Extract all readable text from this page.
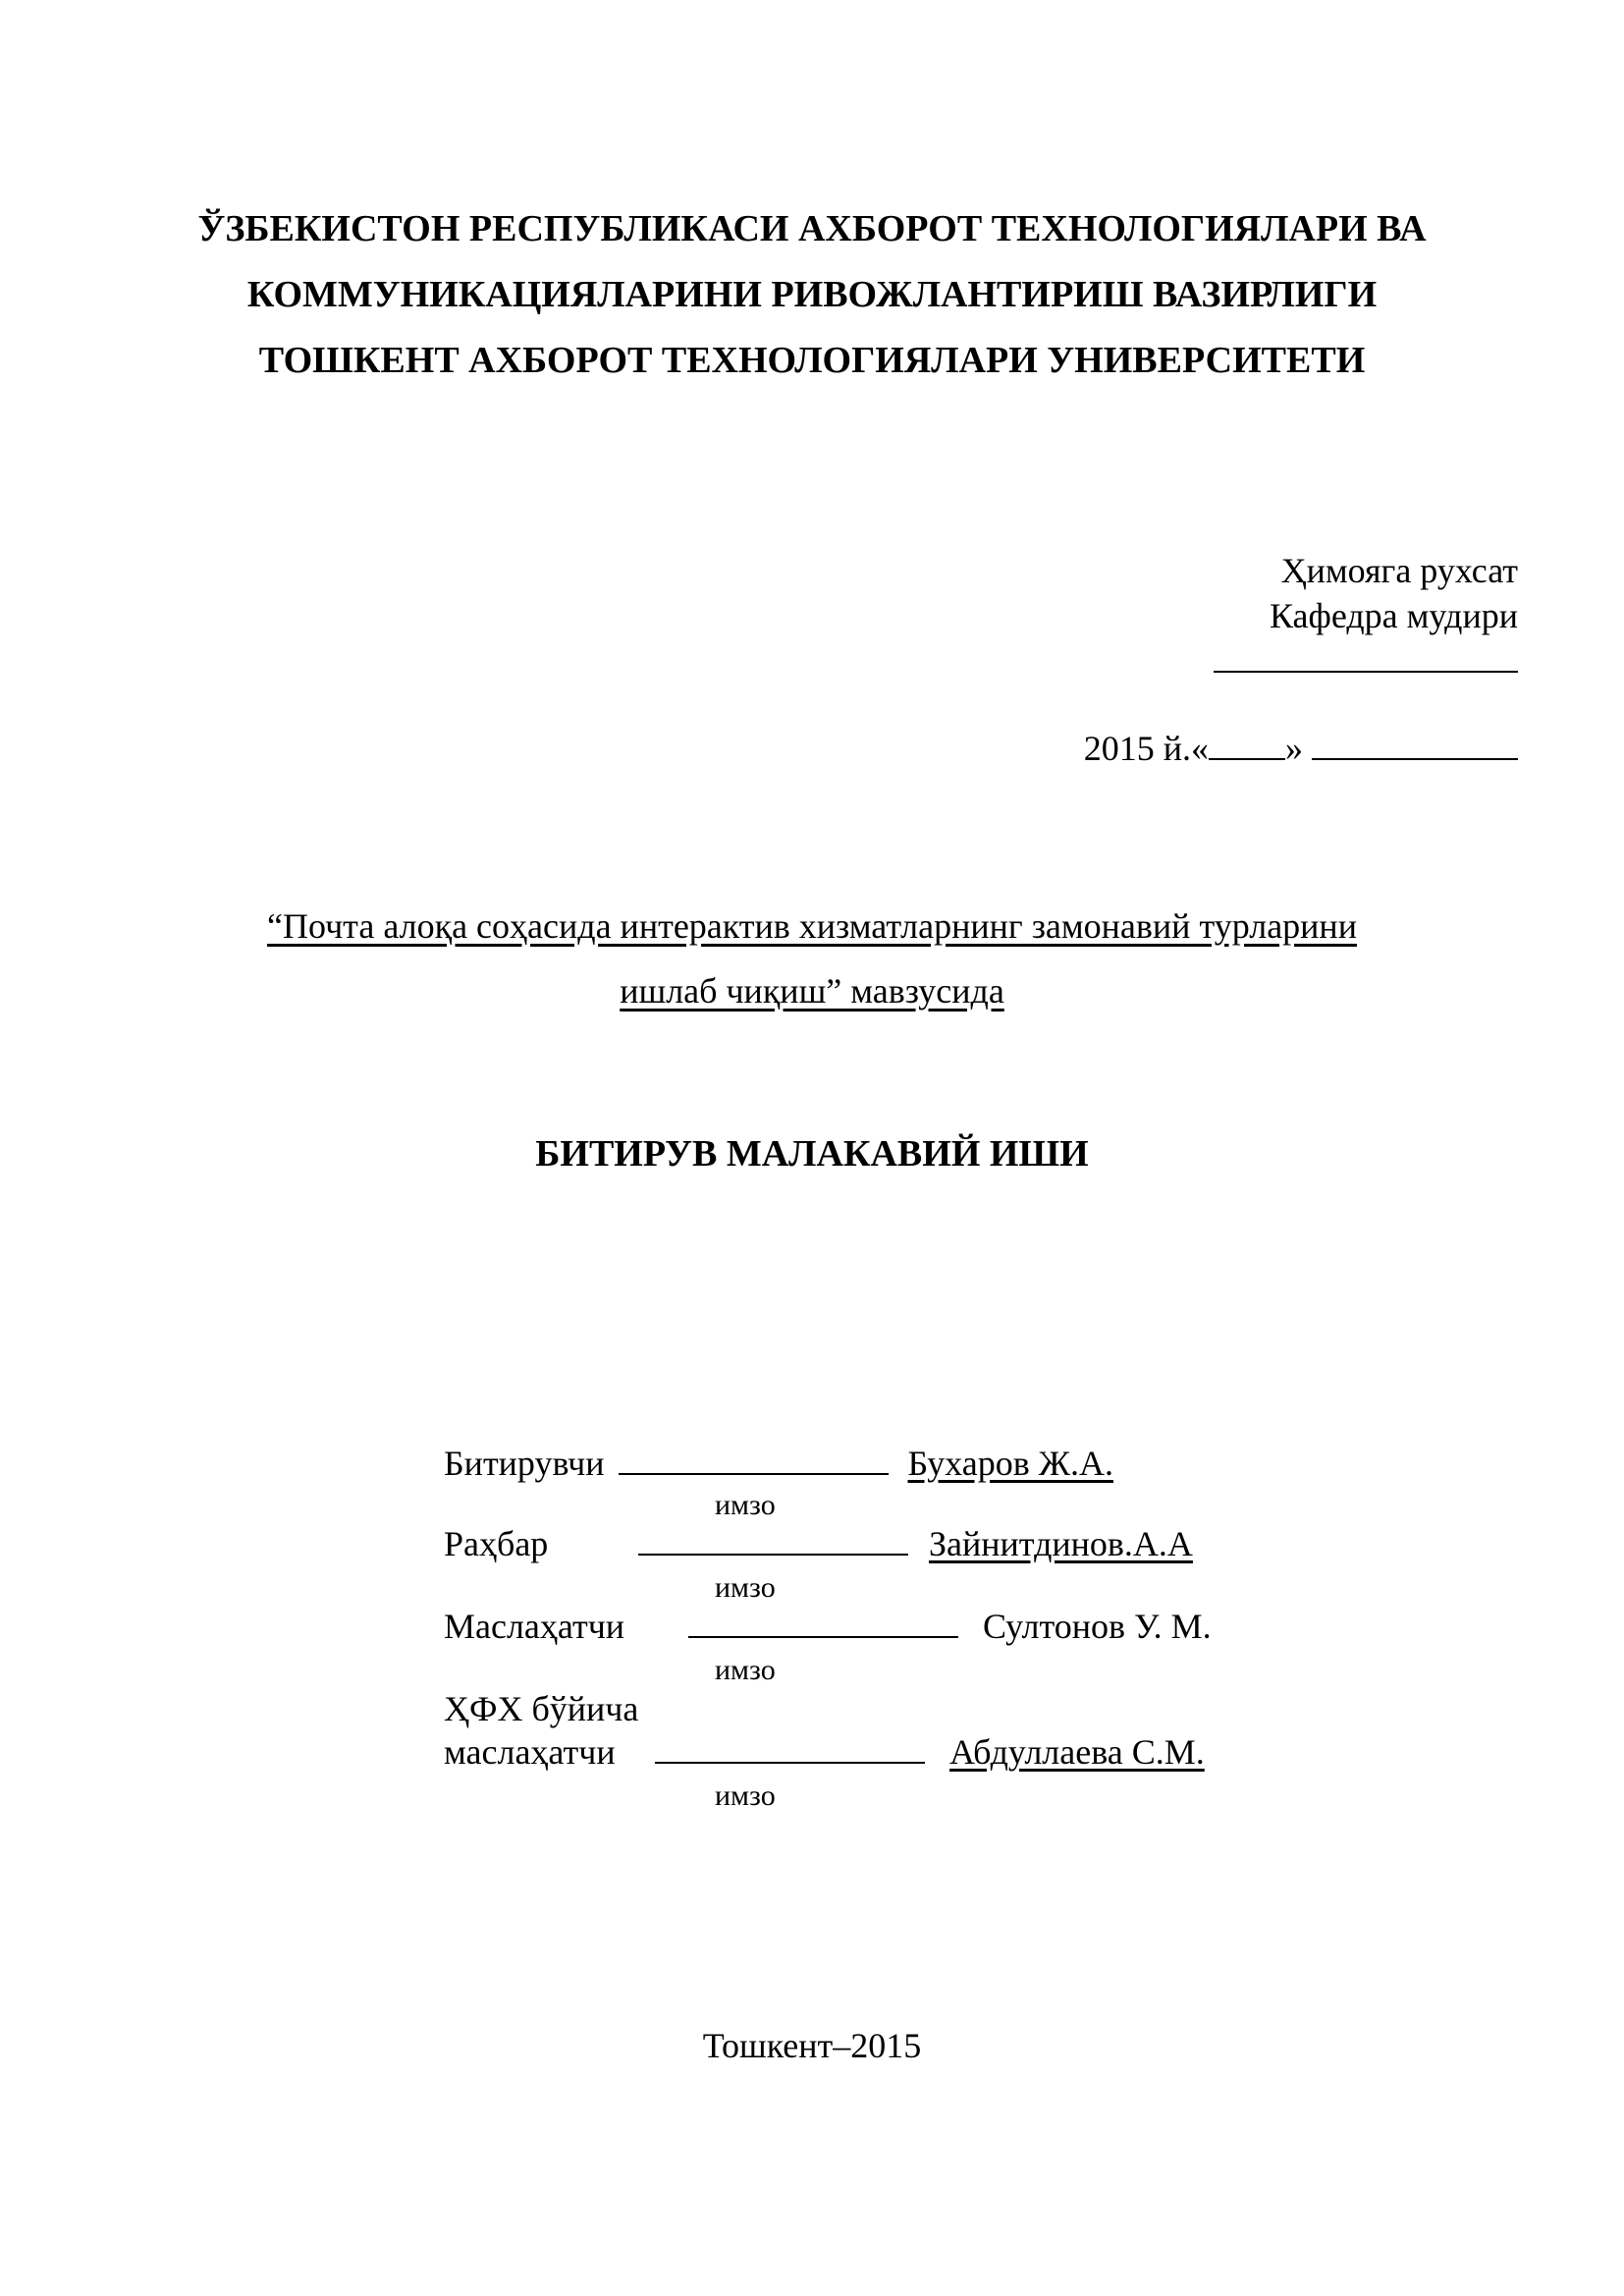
ЎЗБЕКИСТОН РЕСПУБЛИКАСИ АХБОРОТ ТЕХНОЛОГИЯЛАРИ ВА
КОММУНИКАЦИЯЛАРИНИ РИВОЖЛАНТИРИШ ВАЗИРЛИГИ
ТОШКЕНТ АХБОРОТ ТЕХНОЛОГИЯЛАРИ УНИВЕРСИТЕТИ
Ҳимояга рухсат
Кафедра мудири
2015 й.« »
“Почта алоқа соҳасида интерактив хизматларнинг замонавий турларини
ишлаб чиқиш” мавзусида
БИТИРУВ МАЛАКАВИЙ ИШИ
Битирувчи	Бухаров Ж.А.
имзо
Раҳбар	Зайнитдинов.А.А
имзо
Маслаҳатчи	Султонов У. М.
имзо
ҲФХ бўйича
маслаҳатчи	Абдуллаева С.М.
имзо
Тошкент–2015
